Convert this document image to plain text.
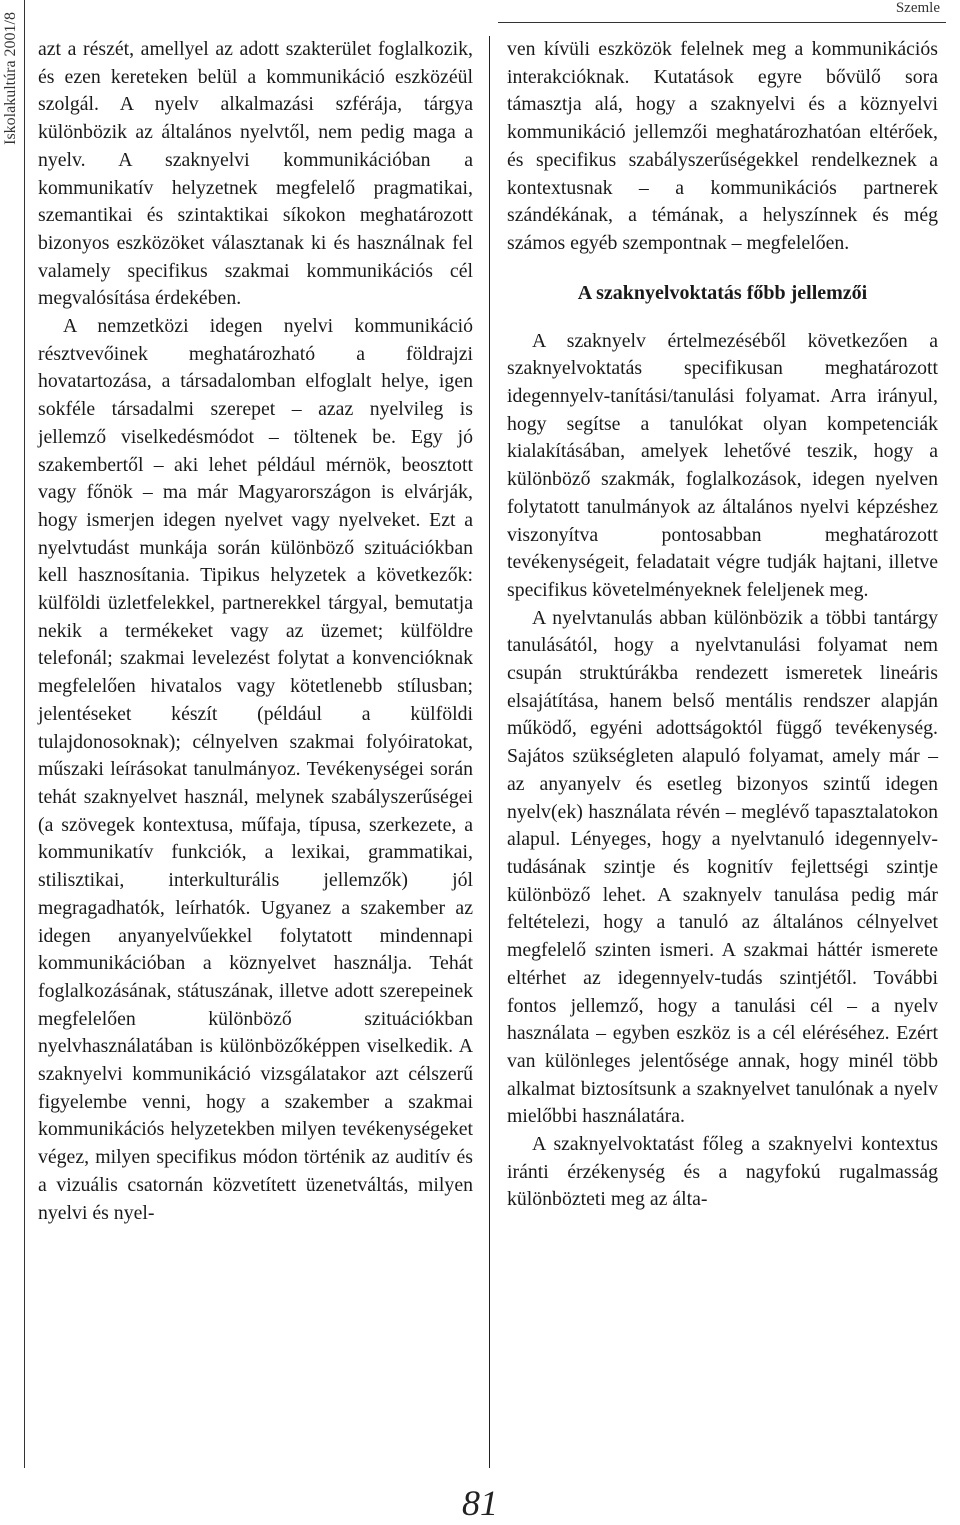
Iskolakultúra 2001/8
Szemle

azt a részét, amellyel az adott szakterület foglalkozik, és ezen kereteken belül a kommunikáció eszközéül szolgál. A nyelv alkalmazási szférája, tárgya különbözik az általános nyelvtől, nem pedig maga a nyelv. A szaknyelvi kommunikációban a kommunikatív helyzetnek megfelelő pragmatikai, szemantikai és szintaktikai síkokon meghatározott bizonyos eszközöket választanak ki és használnak fel valamely specifikus szakmai kommunikációs cél megvalósítása érdekében.

A nemzetközi idegen nyelvi kommunikáció résztvevőinek meghatározható a földrajzi hovatartozása, a társadalomban elfoglalt helye, igen sokféle társadalmi szerepet – azaz nyelvileg is jellemző viselkedésmódot – töltenek be. Egy jó szakembertől – aki lehet például mérnök, beosztott vagy főnök – ma már Magyarországon is elvárják, hogy ismerjen idegen nyelvet vagy nyelveket. Ezt a nyelvtudást munkája során különböző szituációkban kell hasznosítania. Tipikus helyzetek a következők: külföldi üzletfelekkel, partnerekkel tárgyal, bemutatja nekik a termékeket vagy az üzemet; külföldre telefonál; szakmai levelezést folytat a konvencióknak megfelelően hivatalos vagy kötetlenebb stílusban; jelentéseket készít (például a külföldi tulajdonosoknak); célnyelven szakmai folyóiratokat, műszaki leírásokat tanulmányoz. Tevékenységei során tehát szaknyelvet használ, melynek szabályszerűségei (a szövegek kontextusa, műfaja, típusa, szerkezete, a kommunikatív funkciók, a lexikai, grammatikai, stilisztikai, interkulturális jellemzők) jól megragadhatók, leírhatók. Ugyanez a szakember az idegen anyanyelvűekkel folytatott mindennapi kommunikációban a köznyelvet használja. Tehát foglalkozásának, státuszának, illetve adott szerepeinek megfelelően különböző szituációkban nyelvhasználatában is különbözőképpen viselkedik. A szaknyelvi kommunikáció vizsgálatakor azt célszerű figyelembe venni, hogy a szakember a szakmai kommunikációs helyzetekben milyen tevékenységeket végez, milyen specifikus módon történik az auditív és a vizuális csatornán közvetített üzenetváltás, milyen nyelvi és nyel-

ven kívüli eszközök felelnek meg a kommunikációs interakcióknak. Kutatások egyre bővülő sora támasztja alá, hogy a szaknyelvi és a köznyelvi kommunikáció jellemzői meghatározhatóan eltérőek, és specifikus szabályszerűségekkel rendelkeznek a kontextusnak – a kommunikációs partnerek szándékának, a témának, a helyszínnek és még számos egyéb szempontnak – megfelelően.

A szaknyelvoktatás főbb jellemzői

A szaknyelv értelmezéséből következően a szaknyelvoktatás specifikusan meghatározott idegennyelv-tanítási/tanulási folyamat. Arra irányul, hogy segítse a tanulókat olyan kompetenciák kialakításában, amelyek lehetővé teszik, hogy a különböző szakmák, foglalkozások, idegen nyelven folytatott tanulmányok az általános nyelvi képzéshez viszonyítva pontosabban meghatározott tevékenységeit, feladatait végre tudják hajtani, illetve specifikus követelményeknek feleljenek meg.

A nyelvtanulás abban különbözik a többi tantárgy tanulásától, hogy a nyelvtanulási folyamat nem csupán struktúrákba rendezett ismeretek lineáris elsajátítása, hanem belső mentális rendszer alapján működő, egyéni adottságoktól függő tevékenység. Sajátos szükségleten alapuló folyamat, amely már – az anyanyelv és esetleg bizonyos szintű idegen nyelv(ek) használata révén – meglévő tapasztalatokon alapul. Lényeges, hogy a nyelvtanuló idegennyelv-tudásának szintje és kognitív fejlettségi szintje különböző lehet. A szaknyelv tanulása pedig már feltételezi, hogy a tanuló az általános célnyelvet megfelelő szinten ismeri. A szakmai háttér ismerete eltérhet az idegennyelv-tudás szintjétől. További fontos jellemző, hogy a tanulási cél – a nyelv használata – egyben eszköz is a cél eléréséhez. Ezért van különleges jelentősége annak, hogy minél több alkalmat biztosítsunk a szaknyelvet tanulónak a nyelv mielőbbi használatára.

A szaknyelvoktatást főleg a szaknyelvi kontextus iránti érzékenység és a nagyfokú rugalmasság különbözteti meg az álta-

81
